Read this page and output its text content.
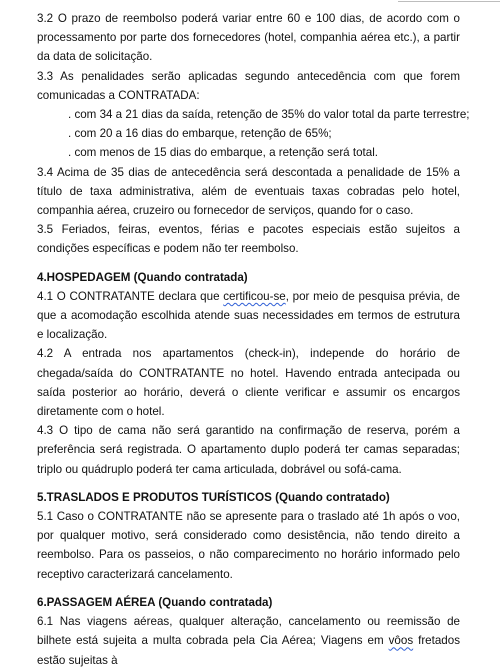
3.2 O prazo de reembolso poderá variar entre 60 e 100 dias, de acordo com o processamento por parte dos fornecedores (hotel, companhia aérea etc.), a partir da data de solicitação.

3.3 As penalidades serão aplicadas segundo antecedência com que forem comunicadas a CONTRATADA:

. com 34 a 21 dias da saída, retenção de 35% do valor total da parte terrestre;

. com 20 a 16 dias do embarque, retenção de 65%;

. com menos de 15 dias do embarque, a retenção será total.

3.4 Acima de 35 dias de antecedência será descontada a penalidade de 15% a título de taxa administrativa, além de eventuais taxas cobradas pelo hotel, companhia aérea, cruzeiro ou fornecedor de serviços, quando for o caso.

3.5 Feriados, feiras, eventos, férias e pacotes especiais estão sujeitos a condições específicas e podem não ter reembolso.

4.HOSPEDAGEM (Quando contratada)

4.1 O CONTRATANTE declara que certificou-se, por meio de pesquisa prévia, de que a acomodação escolhida atende suas necessidades em termos de estrutura e localização.

4.2 A entrada nos apartamentos (check-in), independe do horário de chegada/saída do CONTRATANTE no hotel. Havendo entrada antecipada ou saída posterior ao horário, deverá o cliente verificar e assumir os encargos diretamente com o hotel.

4.3 O tipo de cama não será garantido na confirmação de reserva, porém a preferência será registrada. O apartamento duplo poderá ter camas separadas; triplo ou quádruplo poderá ter cama articulada, dobrável ou sofá-cama.

5.TRASLADOS E PRODUTOS TURÍSTICOS (Quando contratado)

5.1 Caso o CONTRATANTE não se apresente para o traslado até 1h após o voo, por qualquer motivo, será considerado como desistência, não tendo direito a reembolso. Para os passeios, o não comparecimento no horário informado pelo receptivo caracterizará cancelamento.

6.PASSAGEM AÉREA (Quando contratada)

6.1 Nas viagens aéreas, qualquer alteração, cancelamento ou reemissão de bilhete está sujeita a multa cobrada pela Cia Aérea; Viagens em vôos fretados estão sujeitas à
